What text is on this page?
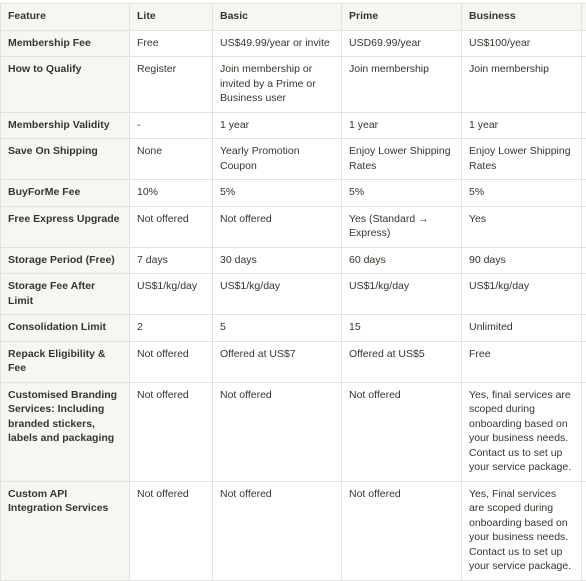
Feature	Lite	Basic	Prime	Business	
Membership Fee	Free	US$49.99/year or invite	USD69.99/year	US$100/year	
How to Qualify	Register	Join membership or invited by a Prime or Business user	Join membership	Join membership	
Membership Validity	-	1 year	1 year	1 year	
Save On Shipping	None	Yearly Promotion Coupon	Enjoy Lower Shipping Rates	Enjoy Lower Shipping Rates	
BuyForMe Fee	10%	5%	5%	5%	
Free Express Upgrade	Not offered	Not offered	Yes (Standard → Express)	Yes	
Storage Period (Free)	7 days	30 days	60 days	90 days	
Storage Fee After Limit	US$1/kg/day	US$1/kg/day	US$1/kg/day	US$1/kg/day	
Consolidation Limit	2	5	15	Unlimited	
Repack Eligibility & Fee	Not offered	Offered at US$7	Offered at US$5	Free	
Customised Branding Services: Including branded stickers, labels and packaging	Not offered	Not offered	Not offered	Yes, final services are scoped during onboarding based on your business needs. Contact us to set up your service package.	
Custom API Integration Services	Not offered	Not offered	Not offered	Yes, Final services are scoped during onboarding based on your business needs. Contact us to set up your service package.	
